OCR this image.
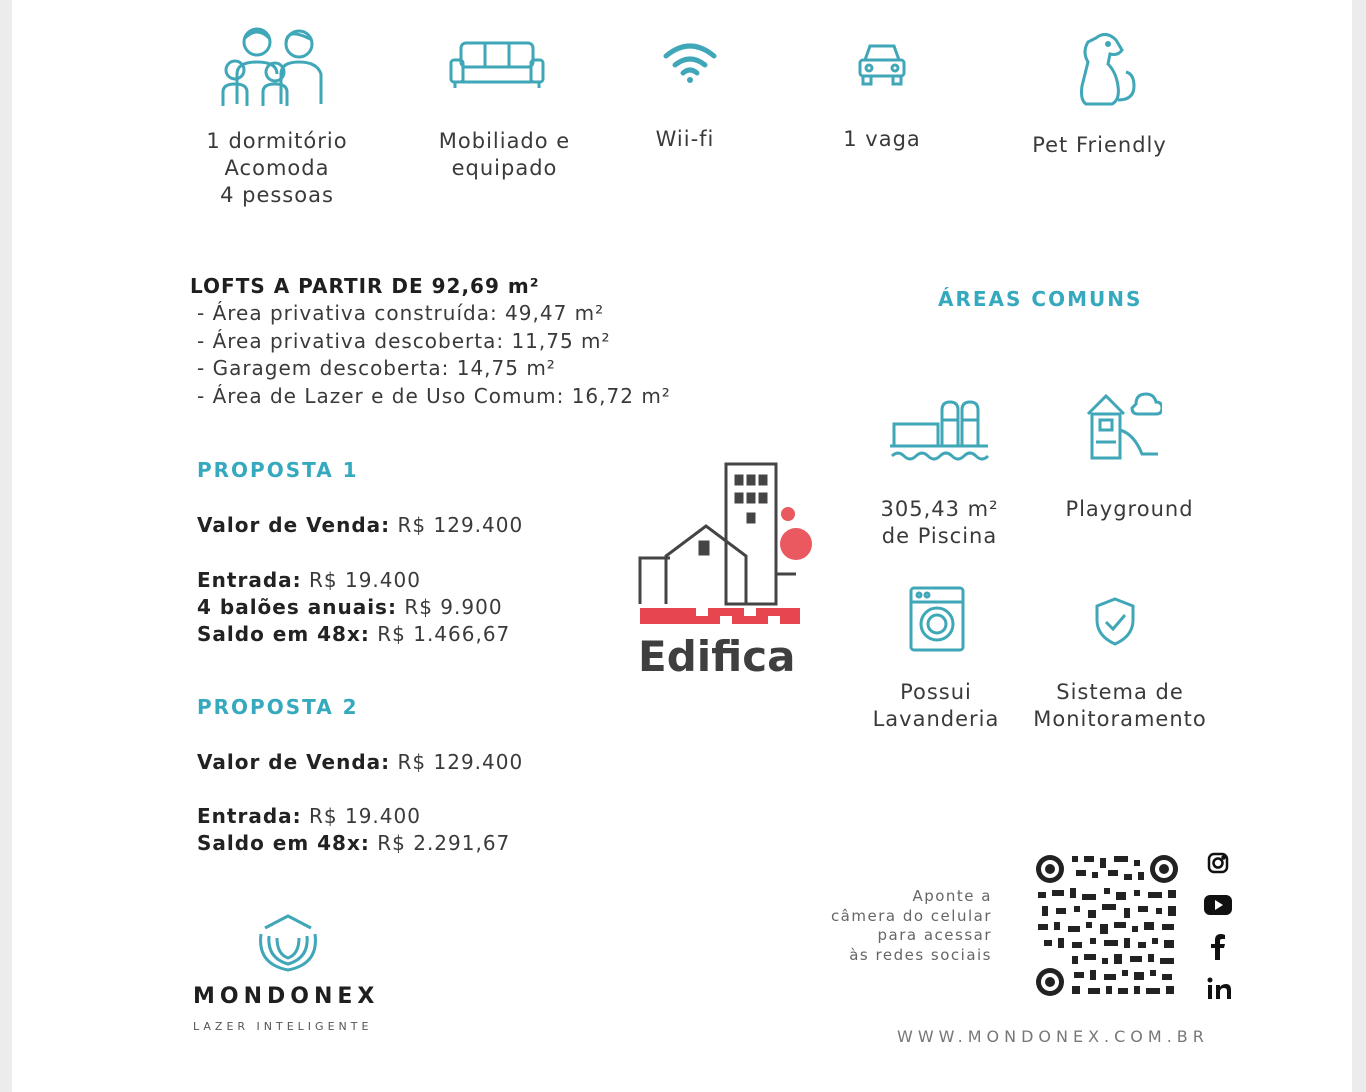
1 dormitório
Acomoda
4 pessoas
Mobiliado e
equipado
Wii-fi	1 vaga	Pet Friendly
LOFTS A PARTIR DE 92,69 m²
- Área privativa construída: 49,47 m²
- Área privativa descoberta: 11,75 m²
- Garagem descoberta: 14,75 m²
- Área de Lazer e de Uso Comum: 16,72 m²
PROPOSTA 1
Valor de Venda: R$ 129.400
Entrada: R$ 19.400
4 balões anuais: R$ 9.900
Saldo em 48x: R$ 1.466,67
PROPOSTA 2
Valor de Venda: R$ 129.400
Entrada: R$ 19.400
Saldo em 48x: R$ 2.291,67
Edifica
ÁREAS COMUNS
305,43 m²
de Piscina
Playground
Possui
Lavanderia
Sistema de
Monitoramento
Aponte a
câmera do celular
para acessar
às redes sociais
WWW.MONDONEX.COM.BR
MONDONEX
LAZER INTELIGENTE
